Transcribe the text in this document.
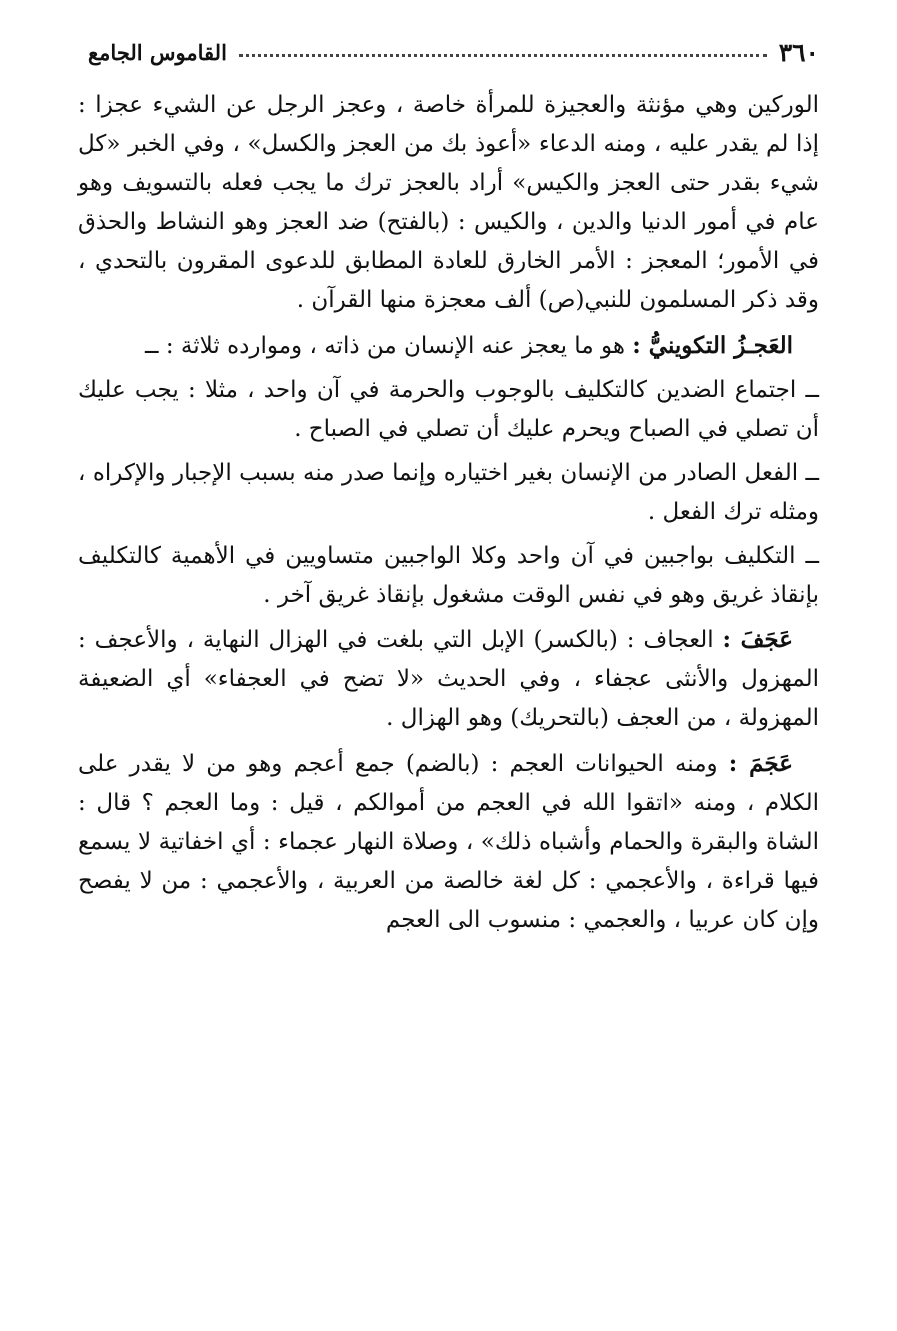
٣٦٠
القاموس الجامع

الوركين وهي مؤنثة والعجيزة للمرأة خاصة ، وعجز الرجل عن الشيء عجزا : إذا لم يقدر عليه ، ومنه الدعاء «أعوذ بك من العجز والكسل» ، وفي الخبر «كل شيء بقدر حتى العجز والكيس» أراد بالعجز ترك ما يجب فعله بالتسويف وهو عام في أمور الدنيا والدين ، والكيس : (بالفتح) ضد العجز وهو النشاط والحذق في الأمور؛ المعجز : الأمر الخارق للعادة المطابق للدعوى المقرون بالتحدي ، وقد ذكر المسلمون للنبي(ص) ألف معجزة منها القرآن .

العَجـزُ التكوينيُّ : هو ما يعجز عنه الإنسان من ذاته ، وموارده ثلاثة : ــ

ــ اجتماع الضدين كالتكليف بالوجوب والحرمة في آن واحد ، مثلا : يجب عليك أن تصلي في الصباح ويحرم عليك أن تصلي في الصباح .

ــ الفعل الصادر من الإنسان بغير اختياره وإنما صدر منه بسبب الإجبار والإكراه ، ومثله ترك الفعل .

ــ التكليف بواجبين في آن واحد وكلا الواجبين متساويين في الأهمية كالتكليف بإنقاذ غريق وهو في نفس الوقت مشغول بإنقاذ غريق آخر .

عَجَفَ : العجاف : (بالكسر) الإبل التي بلغت في الهزال النهاية ، والأعجف : المهزول والأنثى عجفاء ، وفي الحديث «لا تضح في العجفاء» أي الضعيفة المهزولة ، من العجف (بالتحريك) وهو الهزال .

عَجَمَ : ومنه الحيوانات العجم : (بالضم) جمع أعجم وهو من لا يقدر على الكلام ، ومنه «اتقوا الله في العجم من أموالكم ، قيل : وما العجم ؟ قال : الشاة والبقرة والحمام وأشباه ذلك» ، وصلاة النهار عجماء : أي اخفاتية لا يسمع فيها قراءة ، والأعجمي : كل لغة خالصة من العربية ، والأعجمي : من لا يفصح وإن كان عربيا ، والعجمي : منسوب الى العجم
